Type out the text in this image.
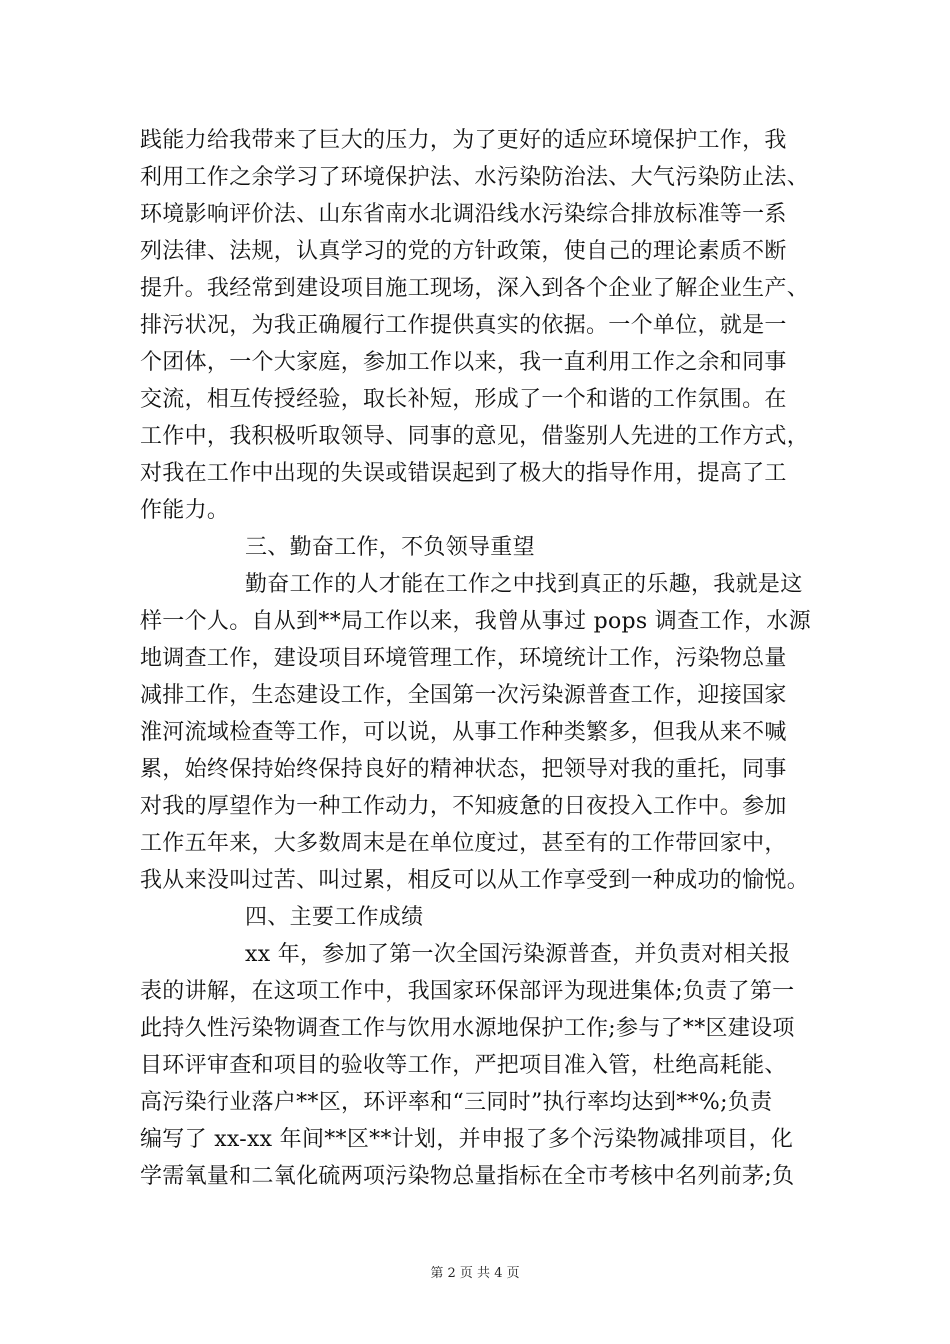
践能力给我带来了巨大的压力，为了更好的适应环境保护工作，我
利用工作之余学习了环境保护法、水污染防治法、大气污染防止法、
环境影响评价法、山东省南水北调沿线水污染综合排放标准等一系
列法律、法规，认真学习的党的方针政策，使自己的理论素质不断
提升。我经常到建设项目施工现场，深入到各个企业了解企业生产、
排污状况，为我正确履行工作提供真实的依据。一个单位，就是一
个团体，一个大家庭，参加工作以来，我一直利用工作之余和同事
交流，相互传授经验，取长补短，形成了一个和谐的工作氛围。在
工作中，我积极听取领导、同事的意见，借鉴别人先进的工作方式，
对我在工作中出现的失误或错误起到了极大的指导作用，提高了工
作能力。
三、勤奋工作，不负领导重望
勤奋工作的人才能在工作之中找到真正的乐趣，我就是这
样一个人。自从到**局工作以来，我曾从事过 pops 调查工作，水源
地调查工作，建设项目环境管理工作，环境统计工作，污染物总量
减排工作，生态建设工作，全国第一次污染源普查工作，迎接国家
淮河流域检查等工作，可以说，从事工作种类繁多，但我从来不喊
累，始终保持始终保持良好的精神状态，把领导对我的重托，同事
对我的厚望作为一种工作动力，不知疲惫的日夜投入工作中。参加
工作五年来，大多数周末是在单位度过，甚至有的工作带回家中，
我从来没叫过苦、叫过累，相反可以从工作享受到一种成功的愉悦。
四、主要工作成绩
xx 年，参加了第一次全国污染源普查，并负责对相关报
表的讲解，在这项工作中，我国家环保部评为现进集体;负责了第一
此持久性污染物调查工作与饮用水源地保护工作;参与了**区建设项
目环评审查和项目的验收等工作，严把项目准入管，杜绝高耗能、
高污染行业落户**区，环评率和“三同时”执行率均达到**%;负责
编写了 xx-xx 年间**区**计划，并申报了多个污染物减排项目，化
学需氧量和二氧化硫两项污染物总量指标在全市考核中名列前茅;负
第 2 页 共 4 页
